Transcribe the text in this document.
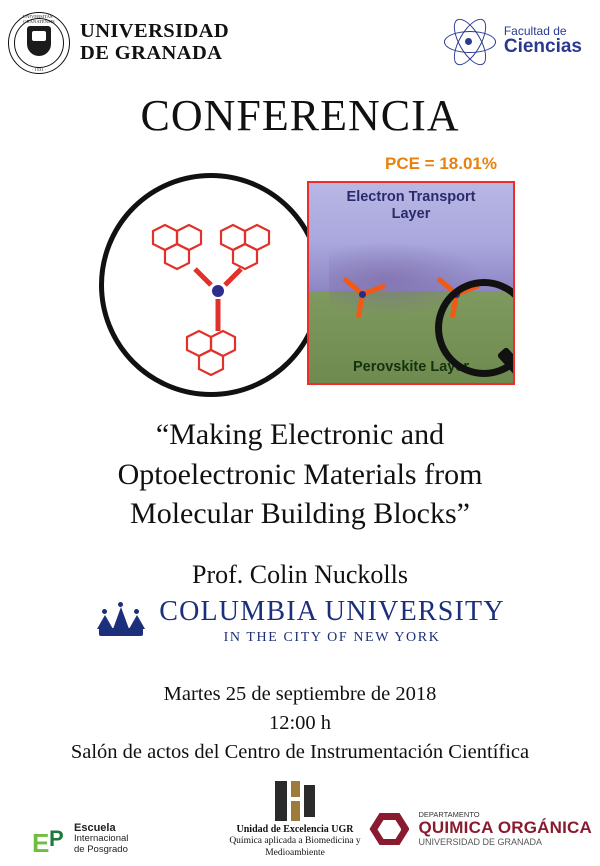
UNIVERSITAS · GRANATENSIS
· 1531 ·
UNIVERSIDAD
DE GRANADA
Facultad de
Ciencias
CONFERENCIA
PCE = 18.01%
Electron Transport
Layer
Perovskite Layer
“Making Electronic and
Optoelectronic Materials from
Molecular Building Blocks”
Prof. Colin Nuckolls
COLUMBIA UNIVERSITY
IN THE CITY OF NEW YORK
Martes 25 de septiembre de 2018
12:00 h
Salón de actos del Centro de Instrumentación Científica
E P Escuela
Internacional
de Posgrado
Unidad de Excelencia UGR
Química aplicada a Biomedicina y Medioambiente
DEPARTAMENTO
QUIMICA ORGÁNICA
UNIVERSIDAD DE GRANADA
